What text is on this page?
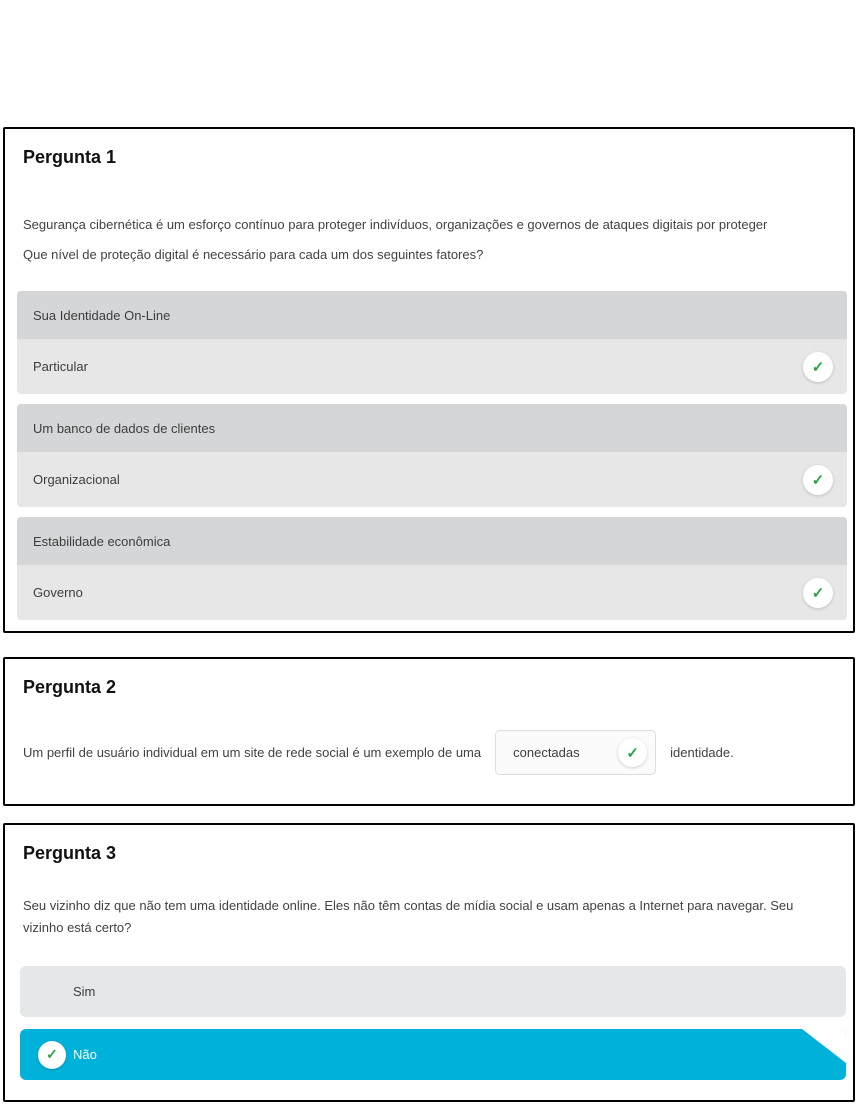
Pergunta 1

Segurança cibernética é um esforço contínuo para proteger indivíduos, organizações e governos de ataques digitais por proteger

Que nível de proteção digital é necessário para cada um dos seguintes fatores?

Sua Identidade On-Line
Particular	✓
Um banco de dados de clientes
Organizacional	✓
Estabilidade econômica
Governo	✓
Pergunta 2
Um perfil de usuário individual em um site de rede social é um exemplo de uma conectadas	✓ identidade.
Pergunta 3

Seu vizinho diz que não tem uma identidade online. Eles não têm contas de mídia social e usam apenas a Internet para navegar. Seu vizinho está certo?

Sim
✓ Não
